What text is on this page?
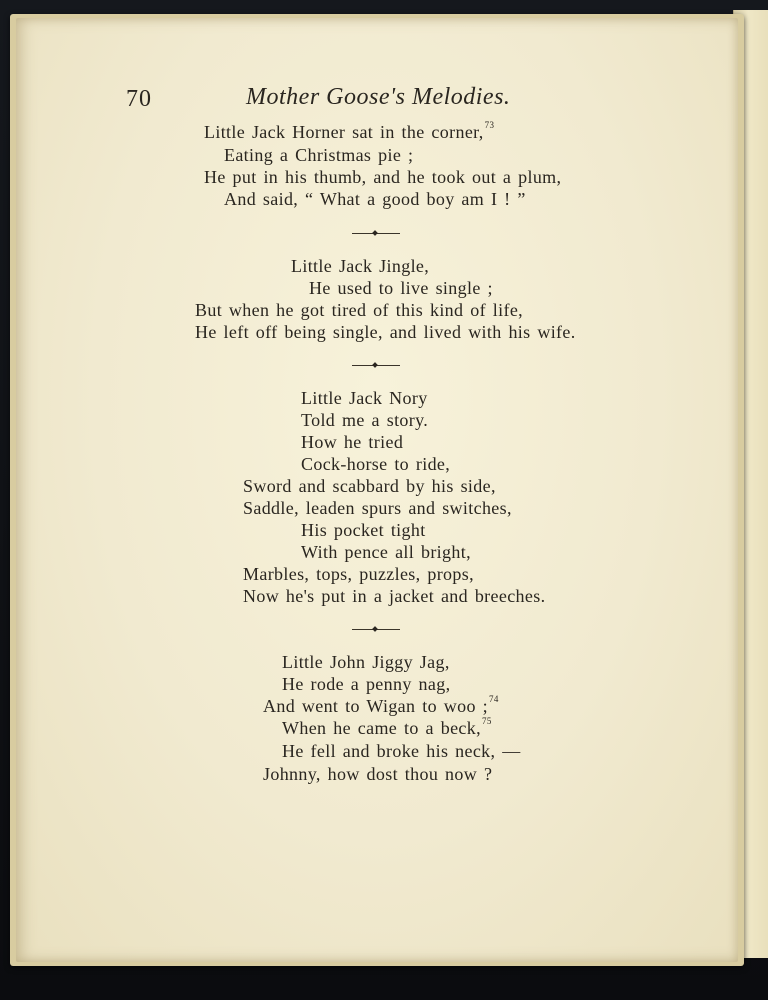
70	Mother Goose's Melodies.
Little Jack Horner sat in the corner,$^{73}$
Eating a Christmas pie ;
He put in his thumb, and he took out a plum,
And said, “ What a good boy am I ! ”
Little Jack Jingle,
He used to live single ;
But when he got tired of this kind of life,
He left off being single, and lived with his wife.
Little Jack Nory
Told me a story.
How he tried
Cock-horse to ride,
Sword and scabbard by his side,
Saddle, leaden spurs and switches,
His pocket tight
With pence all bright,
Marbles, tops, puzzles, props,
Now he's put in a jacket and breeches.
Little John Jiggy Jag,
He rode a penny nag,
And went to Wigan to woo ;$^{74}$
When he came to a beck,$^{75}$
He fell and broke his neck, —
Johnny, how dost thou now ?
